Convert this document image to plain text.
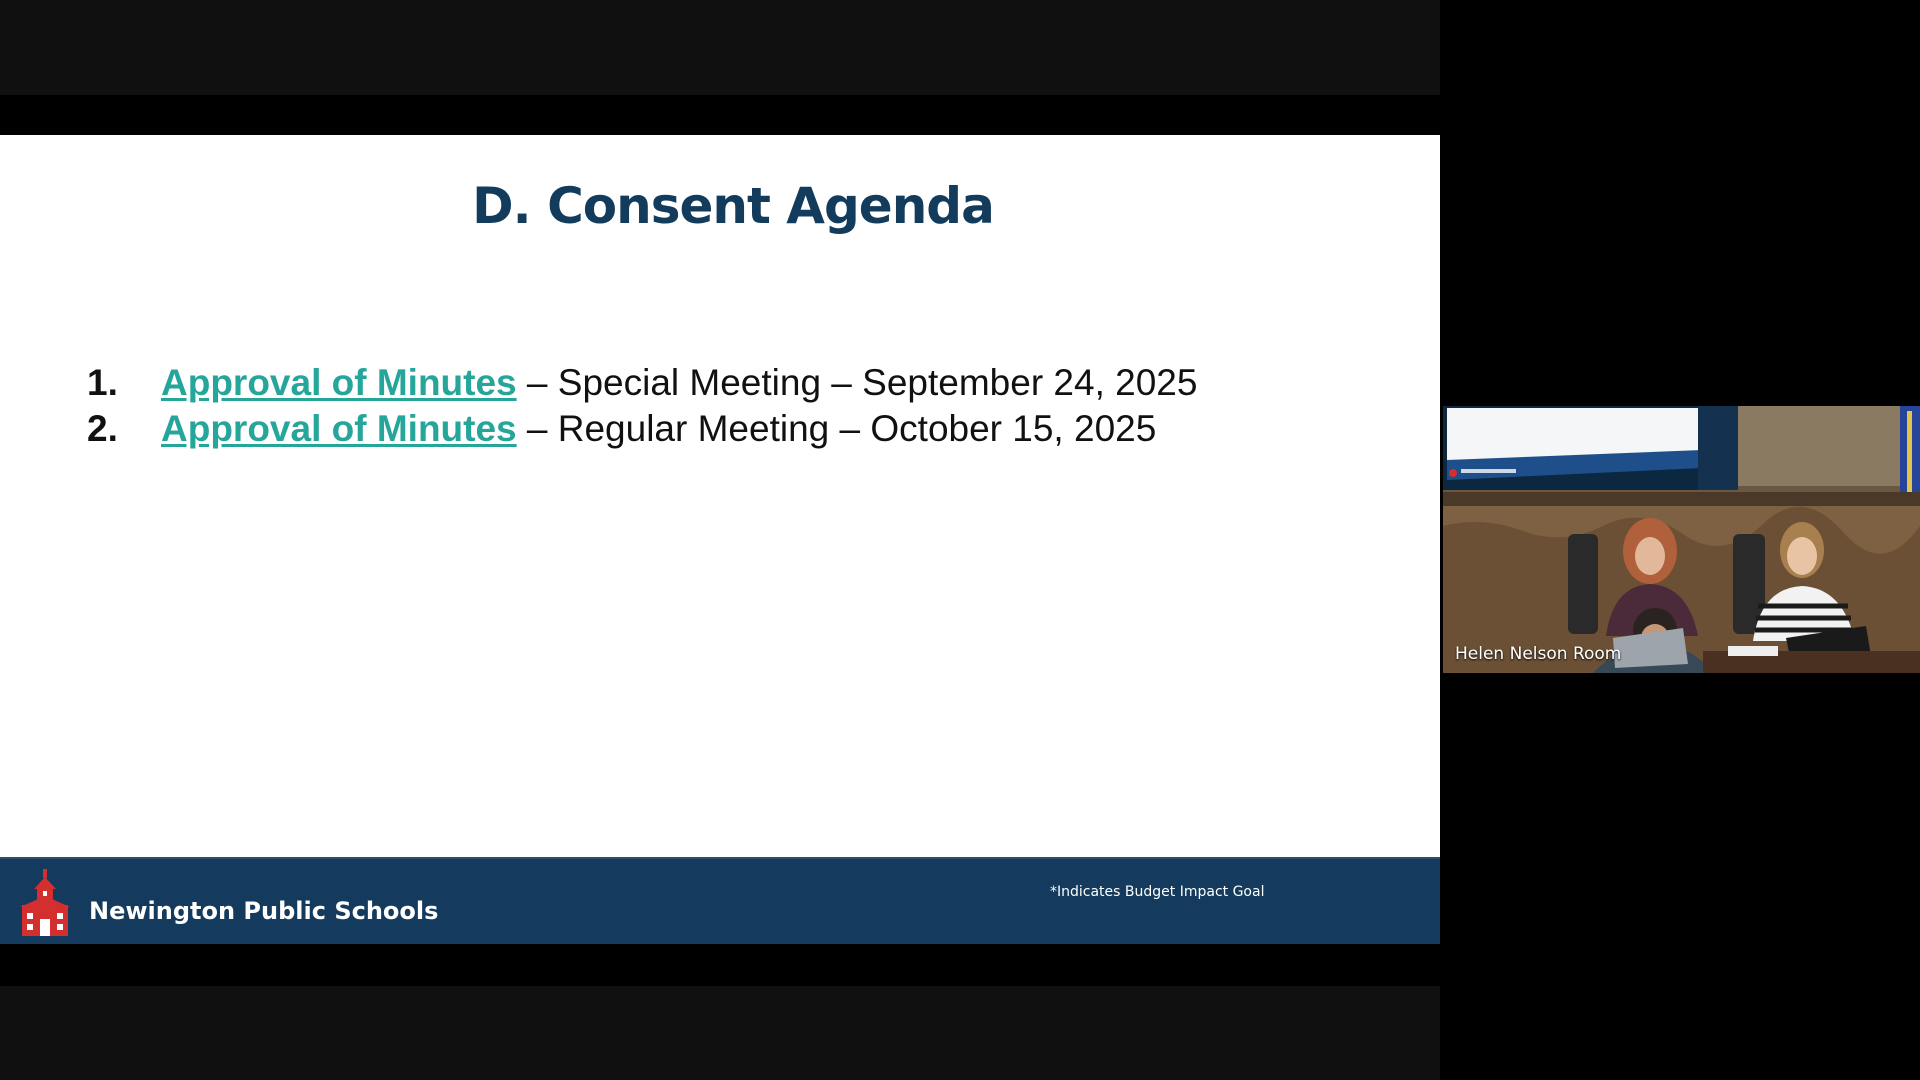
D. Consent Agenda
1. Approval of Minutes – Special Meeting – September 24, 2025
2. Approval of Minutes – Regular Meeting – October 15, 2025
Newington Public Schools
*Indicates Budget Impact Goal
Helen Nelson Room
